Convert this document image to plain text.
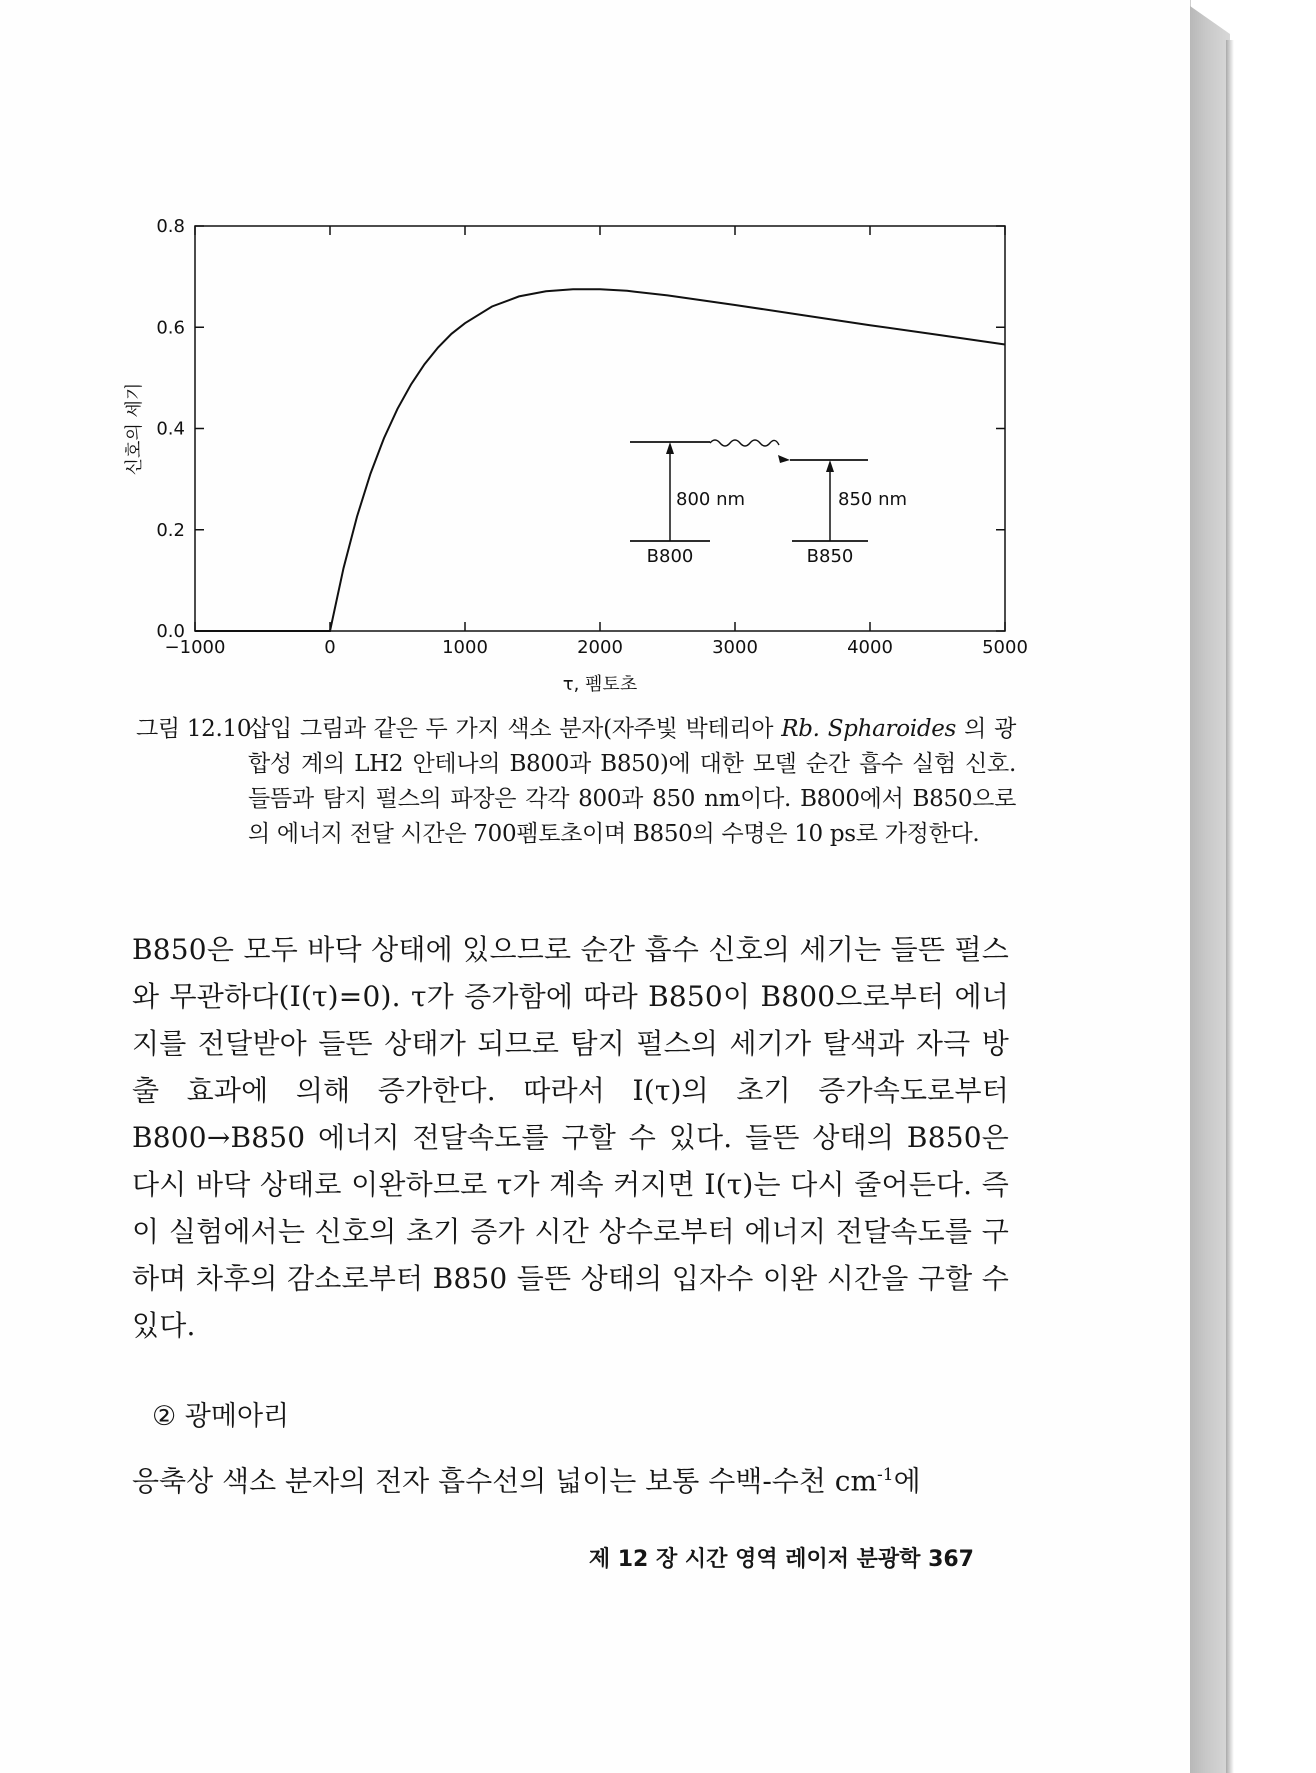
−1000	0	1000	2000	3000	4000	5000
0.0
0.2
0.4
0.6
0.8
τ, 펨토초
신호의 세기
800 nm	850 nm
B800	B850
그림 12.10
삽입 그림과 같은 두 가지 색소 분자(자주빛 박테리아 Rb. Spharoides 의 광합성 계의 LH2 안테나의 B800과 B850)에 대한 모델 순간 흡수 실험 신호. 들뜸과 탐지 펄스의 파장은 각각 800과 850 nm이다. B800에서 B850으로의 에너지 전달 시간은 700펨토초이며 B850의 수명은 10 ps로 가정한다.

B850은 모두 바닥 상태에 있으므로 순간 흡수 신호의 세기는 들뜬 펄스와 무관하다(I(τ)=0). τ가 증가함에 따라 B850이 B800으로부터 에너지를 전달받아 들뜬 상태가 되므로 탐지 펄스의 세기가 탈색과 자극 방출 효과에 의해 증가한다. 따라서 I(τ)의 초기 증가속도로부터 B800→B850 에너지 전달속도를 구할 수 있다. 들뜬 상태의 B850은 다시 바닥 상태로 이완하므로 τ가 계속 커지면 I(τ)는 다시 줄어든다. 즉 이 실험에서는 신호의 초기 증가 시간 상수로부터 에너지 전달속도를 구하며 차후의 감소로부터 B850 들뜬 상태의 입자수 이완 시간을 구할 수 있다.

② 광메아리
응축상 색소 분자의 전자 흡수선의 넓이는 보통 수백-수천 $cm^{-1}$에
제 12 장 시간 영역 레이저 분광학 367
